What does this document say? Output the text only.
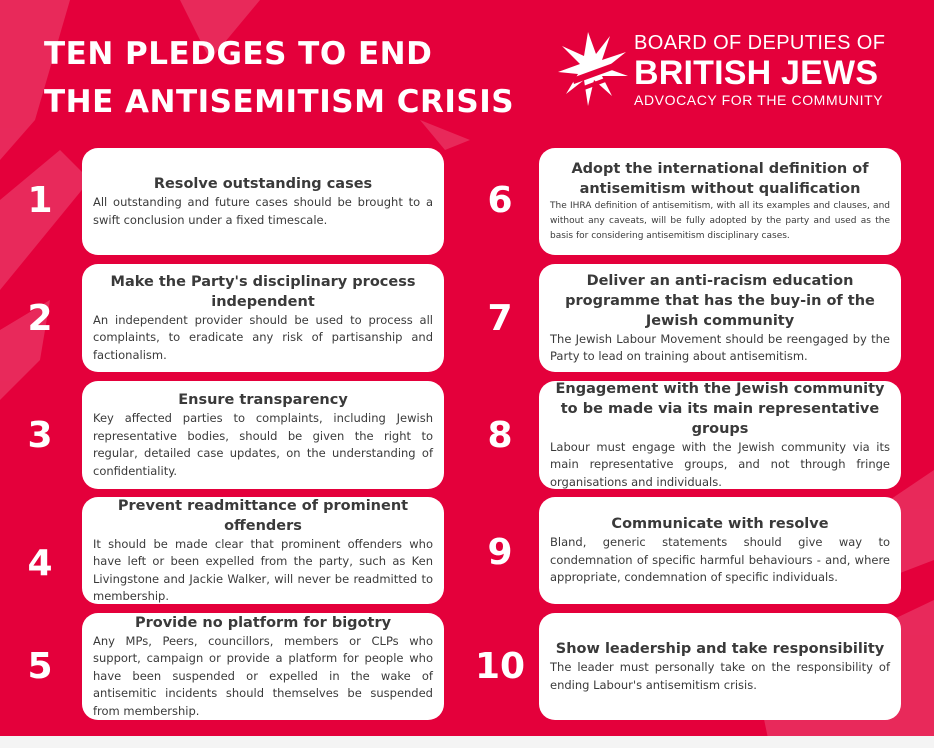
TEN PLEDGES TO END
THE ANTISEMITISM CRISIS
BOARD OF DEPUTIES OF
BRITISH JEWS
ADVOCACY FOR THE COMMUNITY
1	Resolve outstanding cases
All outstanding and future cases should be brought to a swift conclusion under a fixed timescale.
2
Make the Party's disciplinary process independent
An independent provider should be used to process all complaints, to eradicate any risk of partisanship and factionalism.
3
Ensure transparency
Key affected parties to complaints, including Jewish representative bodies, should be given the right to regular, detailed case updates, on the understanding of confidentiality.
4
Prevent readmittance of prominent offenders
It should be made clear that prominent offenders who have left or been expelled from the party, such as Ken Livingstone and Jackie Walker, will never be readmitted to membership.
5
Provide no platform for bigotry
Any MPs, Peers, councillors, members or CLPs who support, campaign or provide a platform for people who have been suspended or expelled in the wake of antisemitic incidents should themselves be suspended from membership.
6
Adopt the international definition of antisemitism without qualification
The IHRA definition of antisemitism, with all its examples and clauses, and without any caveats, will be fully adopted by the party and used as the basis for considering antisemitism disciplinary cases.
7
Deliver an anti-racism education programme that has the buy-in of the Jewish community
The Jewish Labour Movement should be reengaged by the Party to lead on training about antisemitism.
8
Engagement with the Jewish community to be made via its main representative groups
Labour must engage with the Jewish community via its main representative groups, and not through fringe organisations and individuals.
9
Communicate with resolve
Bland, generic statements should give way to condemnation of specific harmful behaviours - and, where appropriate, condemnation of specific individuals.
10	Show leadership and take responsibility
The leader must personally take on the responsibility of ending Labour's antisemitism crisis.
